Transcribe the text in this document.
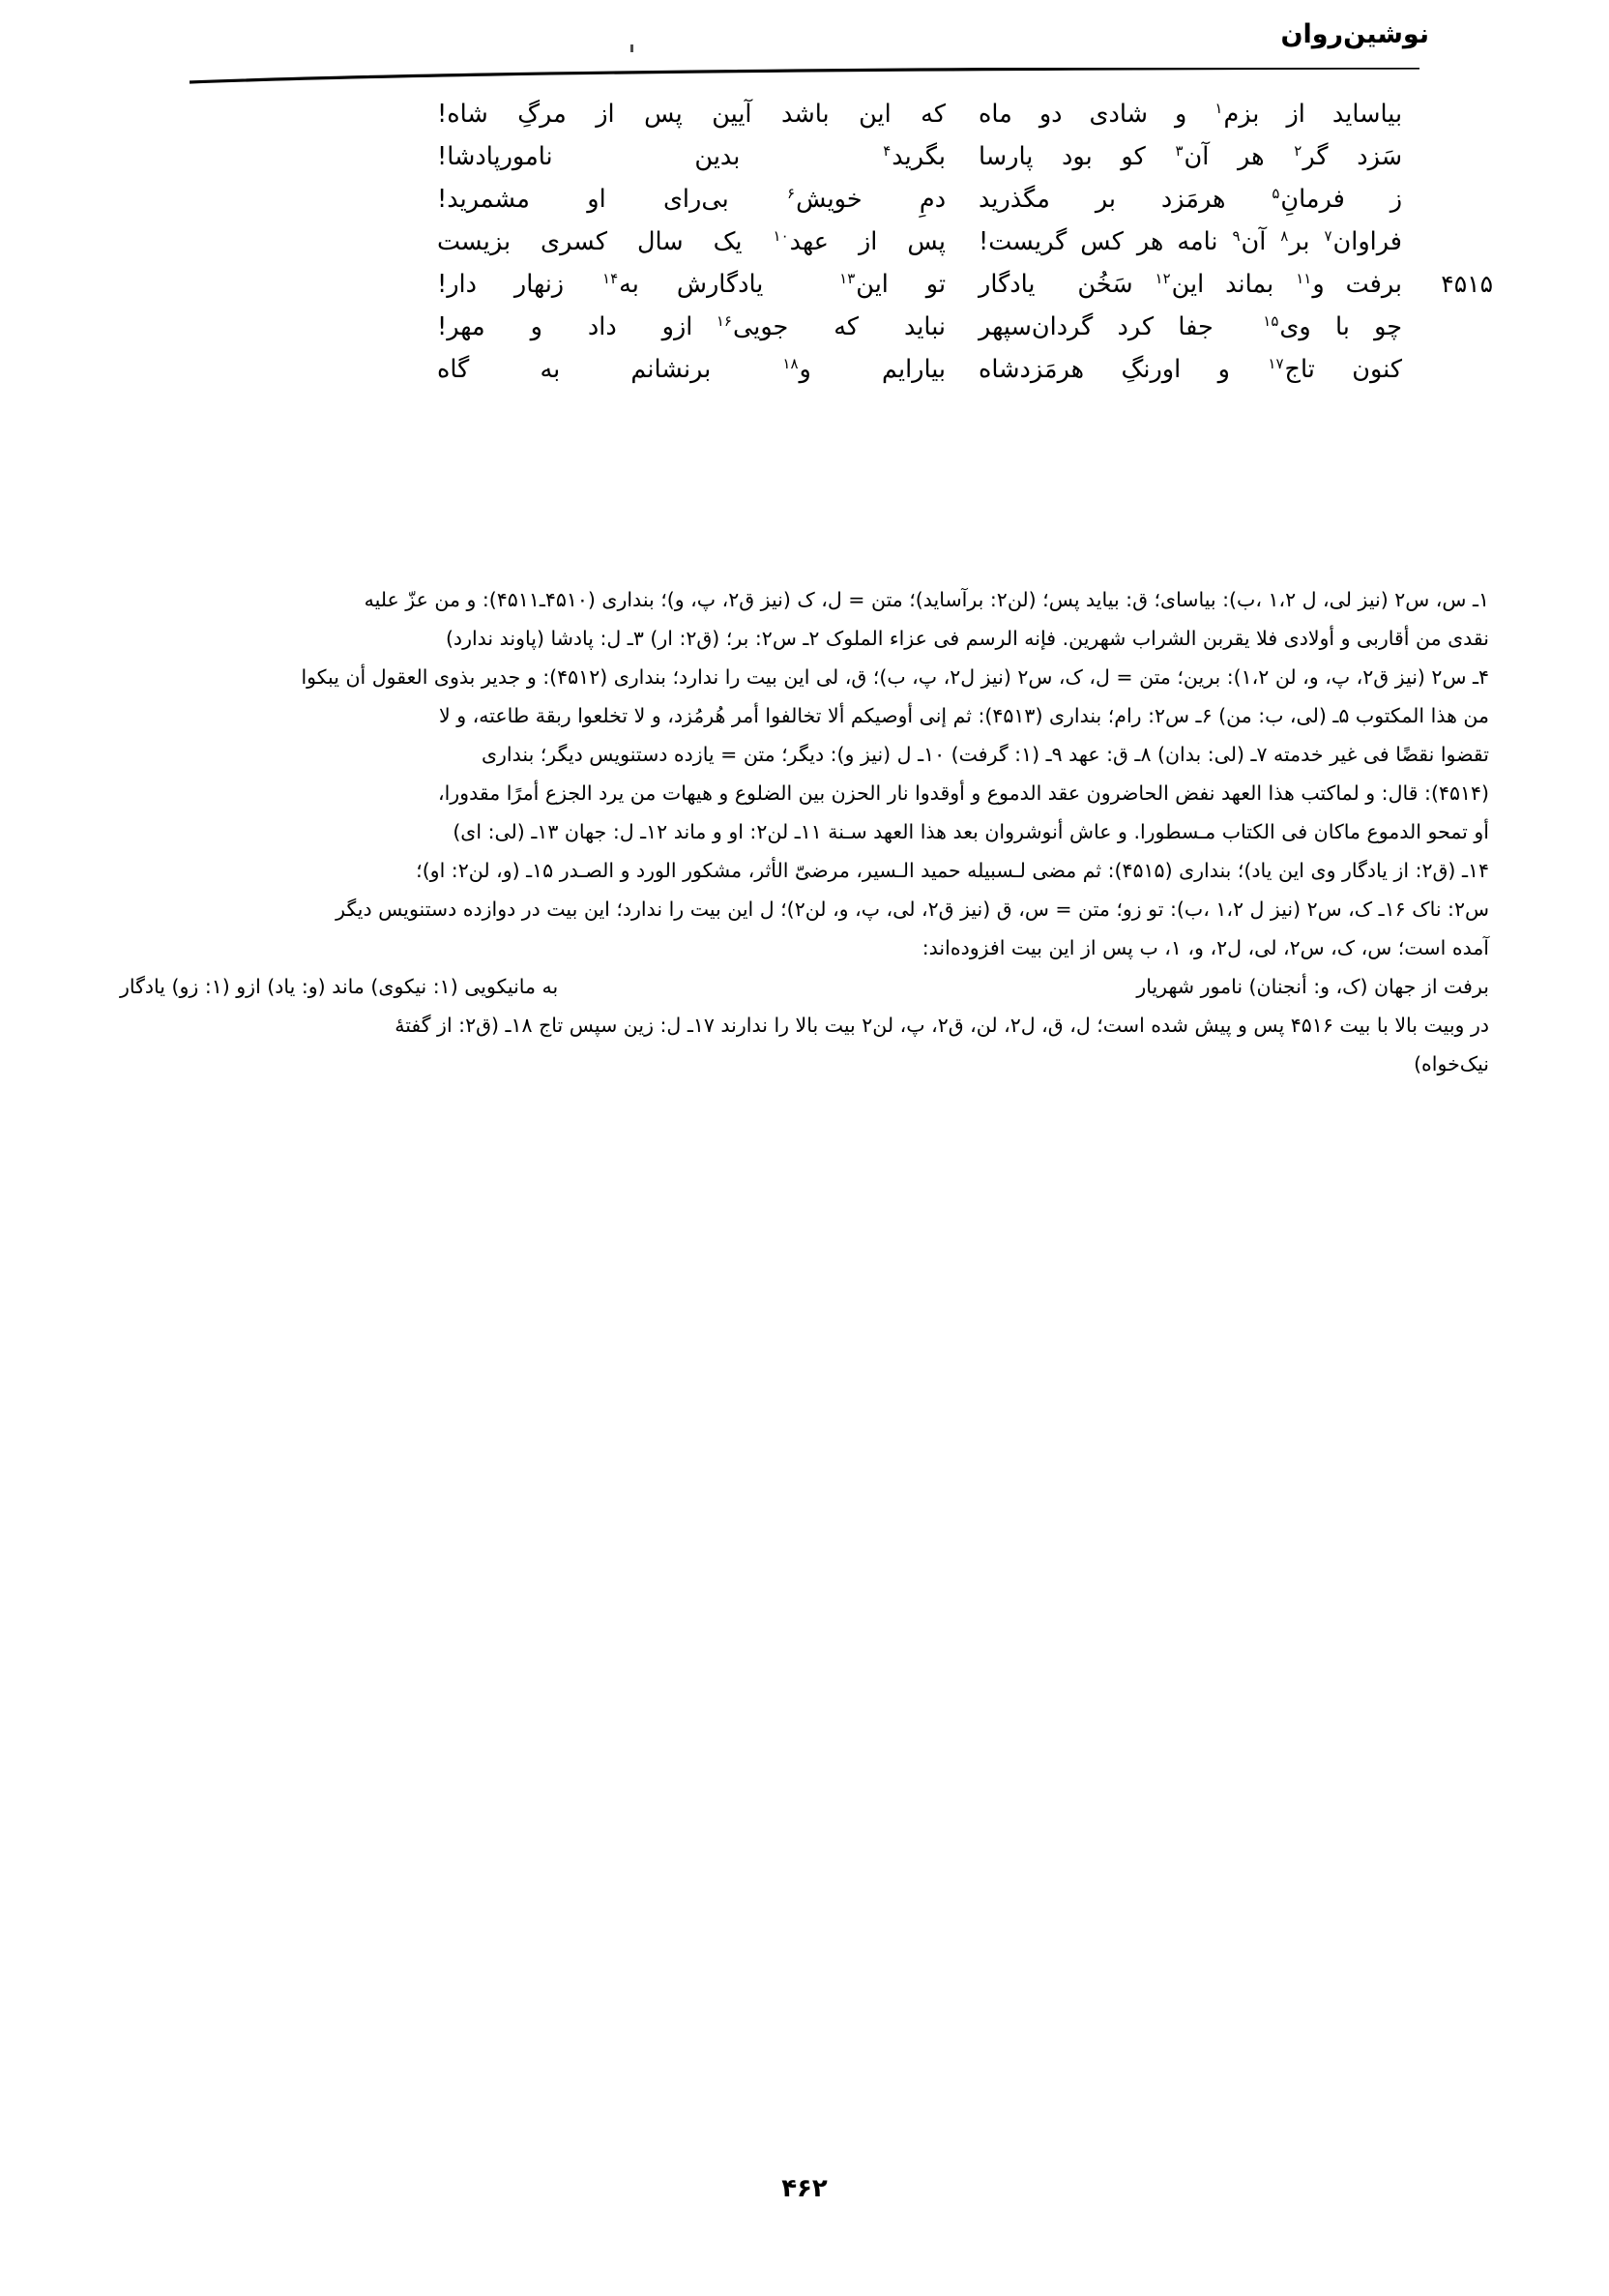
نوشین‌روان
بیاساید  از  بزم$^۱$  و  شادی  دو  ماه
که این باشد آیین پس از مرگِ شاه!
سَزد  گر$^۲$  هر  آن$^۳$  کو  بود  پارسا
بگرید$^۴$    بدین    نامورپادشا!
ز  فرمانِ$^۵$  هرمَزد  بر  مگذرید
دمِ  خویش$^۶$  بی‌رای  او  مشمرید!
فراوان$^۷$ بر$^۸$ آن$^۹$ نامه هر کس گریست!
پس از عهد$^{۱۰}$ یک سال کسری بزیست
برفت و$^{۱۱}$ بماند این$^{۱۲}$ سَخُن  یادگار
تو این$^{۱۳}$  یادگارش به$^{۱۴}$ زنهار دار!	۴۵۱۵
چو با وی$^{۱۵}$  جفا کرد گردان‌سپهر
نباید  که  جویی$^{۱۶}$ ازو  داد  و  مهر!
کنون  تاج$^{۱۷}$  و  اورنگِ  هرمَزدشاه
بیارایم  و$^{۱۸}$  برنشانم  به  گاه
۱ـ س، س۲ (نیز لی، ل ۱،۲ ،ب): بیاسای؛ ق: بیاید پس؛ (لن۲: برآساید)؛ متن = ل، ک (نیز ق۲، پ، و)؛ بنداری (۴۵۱۰ـ۴۵۱۱): و من عزّ علیه
نقدی من أقاربی و أولادی فلا یقربن الشراب شهرین. فإنه الرسم فی عزاء الملوک ۲ـ س۲: بر؛ (ق۲: ار) ۳ـ ل: پادشا (پاوند ندارد)
۴ـ س۲ (نیز ق۲، پ، و، لن ۱،۲): برین؛ متن = ل، ک، س۲ (نیز ل۲، پ، ب)؛ ق، لی این بیت را ندارد؛ بنداری (۴۵۱۲): و جدیر بذوی العقول أن یبکوا
من هذا المکتوب ۵ـ (لی، ب: من) ۶ـ س۲: رام؛ بنداری (۴۵۱۳): ثم إنی أوصیکم ألا تخالفوا أمر هُرمُزد، و لا تخلعوا ربقة طاعته، و لا
تقضوا نقضًا فی غیر خدمته ۷ـ (لی: بدان) ۸ـ ق: عهد ۹ـ (۱: گرفت) ۱۰ـ ل (نیز و): دیگر؛ متن = یازده دستنویس دیگر؛ بنداری
(۴۵۱۴): قال: و لماکتب هذا العهد نفض الحاضرون عقد الدموع و أوقدوا نار الحزن بین الضلوع و هیهات من یرد الجزع أمرًا مقدورا،
أو تمحو الدموع ماکان فی الکتاب مـسطورا. و عاش أنوشروان بعد هذا العهد سـنة ۱۱ـ لن۲: او و ماند ۱۲ـ ل: جهان ۱۳ـ (لی: ای)
۱۴ـ (ق۲: از یادگار وی این یاد)؛ بنداری (۴۵۱۵): ثم مضی لـسبیله حمید الـسیر، مرضیّ الأثر، مشکور الورد و الصـدر ۱۵ـ (و، لن۲: او)؛
س۲: ناک ۱۶ـ ک، س۲ (نیز ل ۱،۲ ،ب): تو زو؛ متن = س، ق (نیز ق۲، لی، پ، و، لن۲)؛ ل این بیت را ندارد؛ این بیت در دوازده دستنویس دیگر
آمده است؛ س، ک، س۲، لی، ل۲، و، ۱، ب پس از این بیت افزوده‌اند:
برفت از جهان (ک، و: أنجنان) نامور شهریار
به مانیکویی (۱: نیکوی) ماند (و: یاد) ازو (۱: زو) یادگار
در وبیت بالا با بیت ۴۵۱۶ پس و پیش شده است؛ ل، ق، ل۲، لن، ق۲، پ، لن۲ بیت بالا را ندارند ۱۷ـ ل: زین سپس تاج ۱۸ـ (ق۲: از گفتهٔ
نیک‌خواه)
۴۶۲
